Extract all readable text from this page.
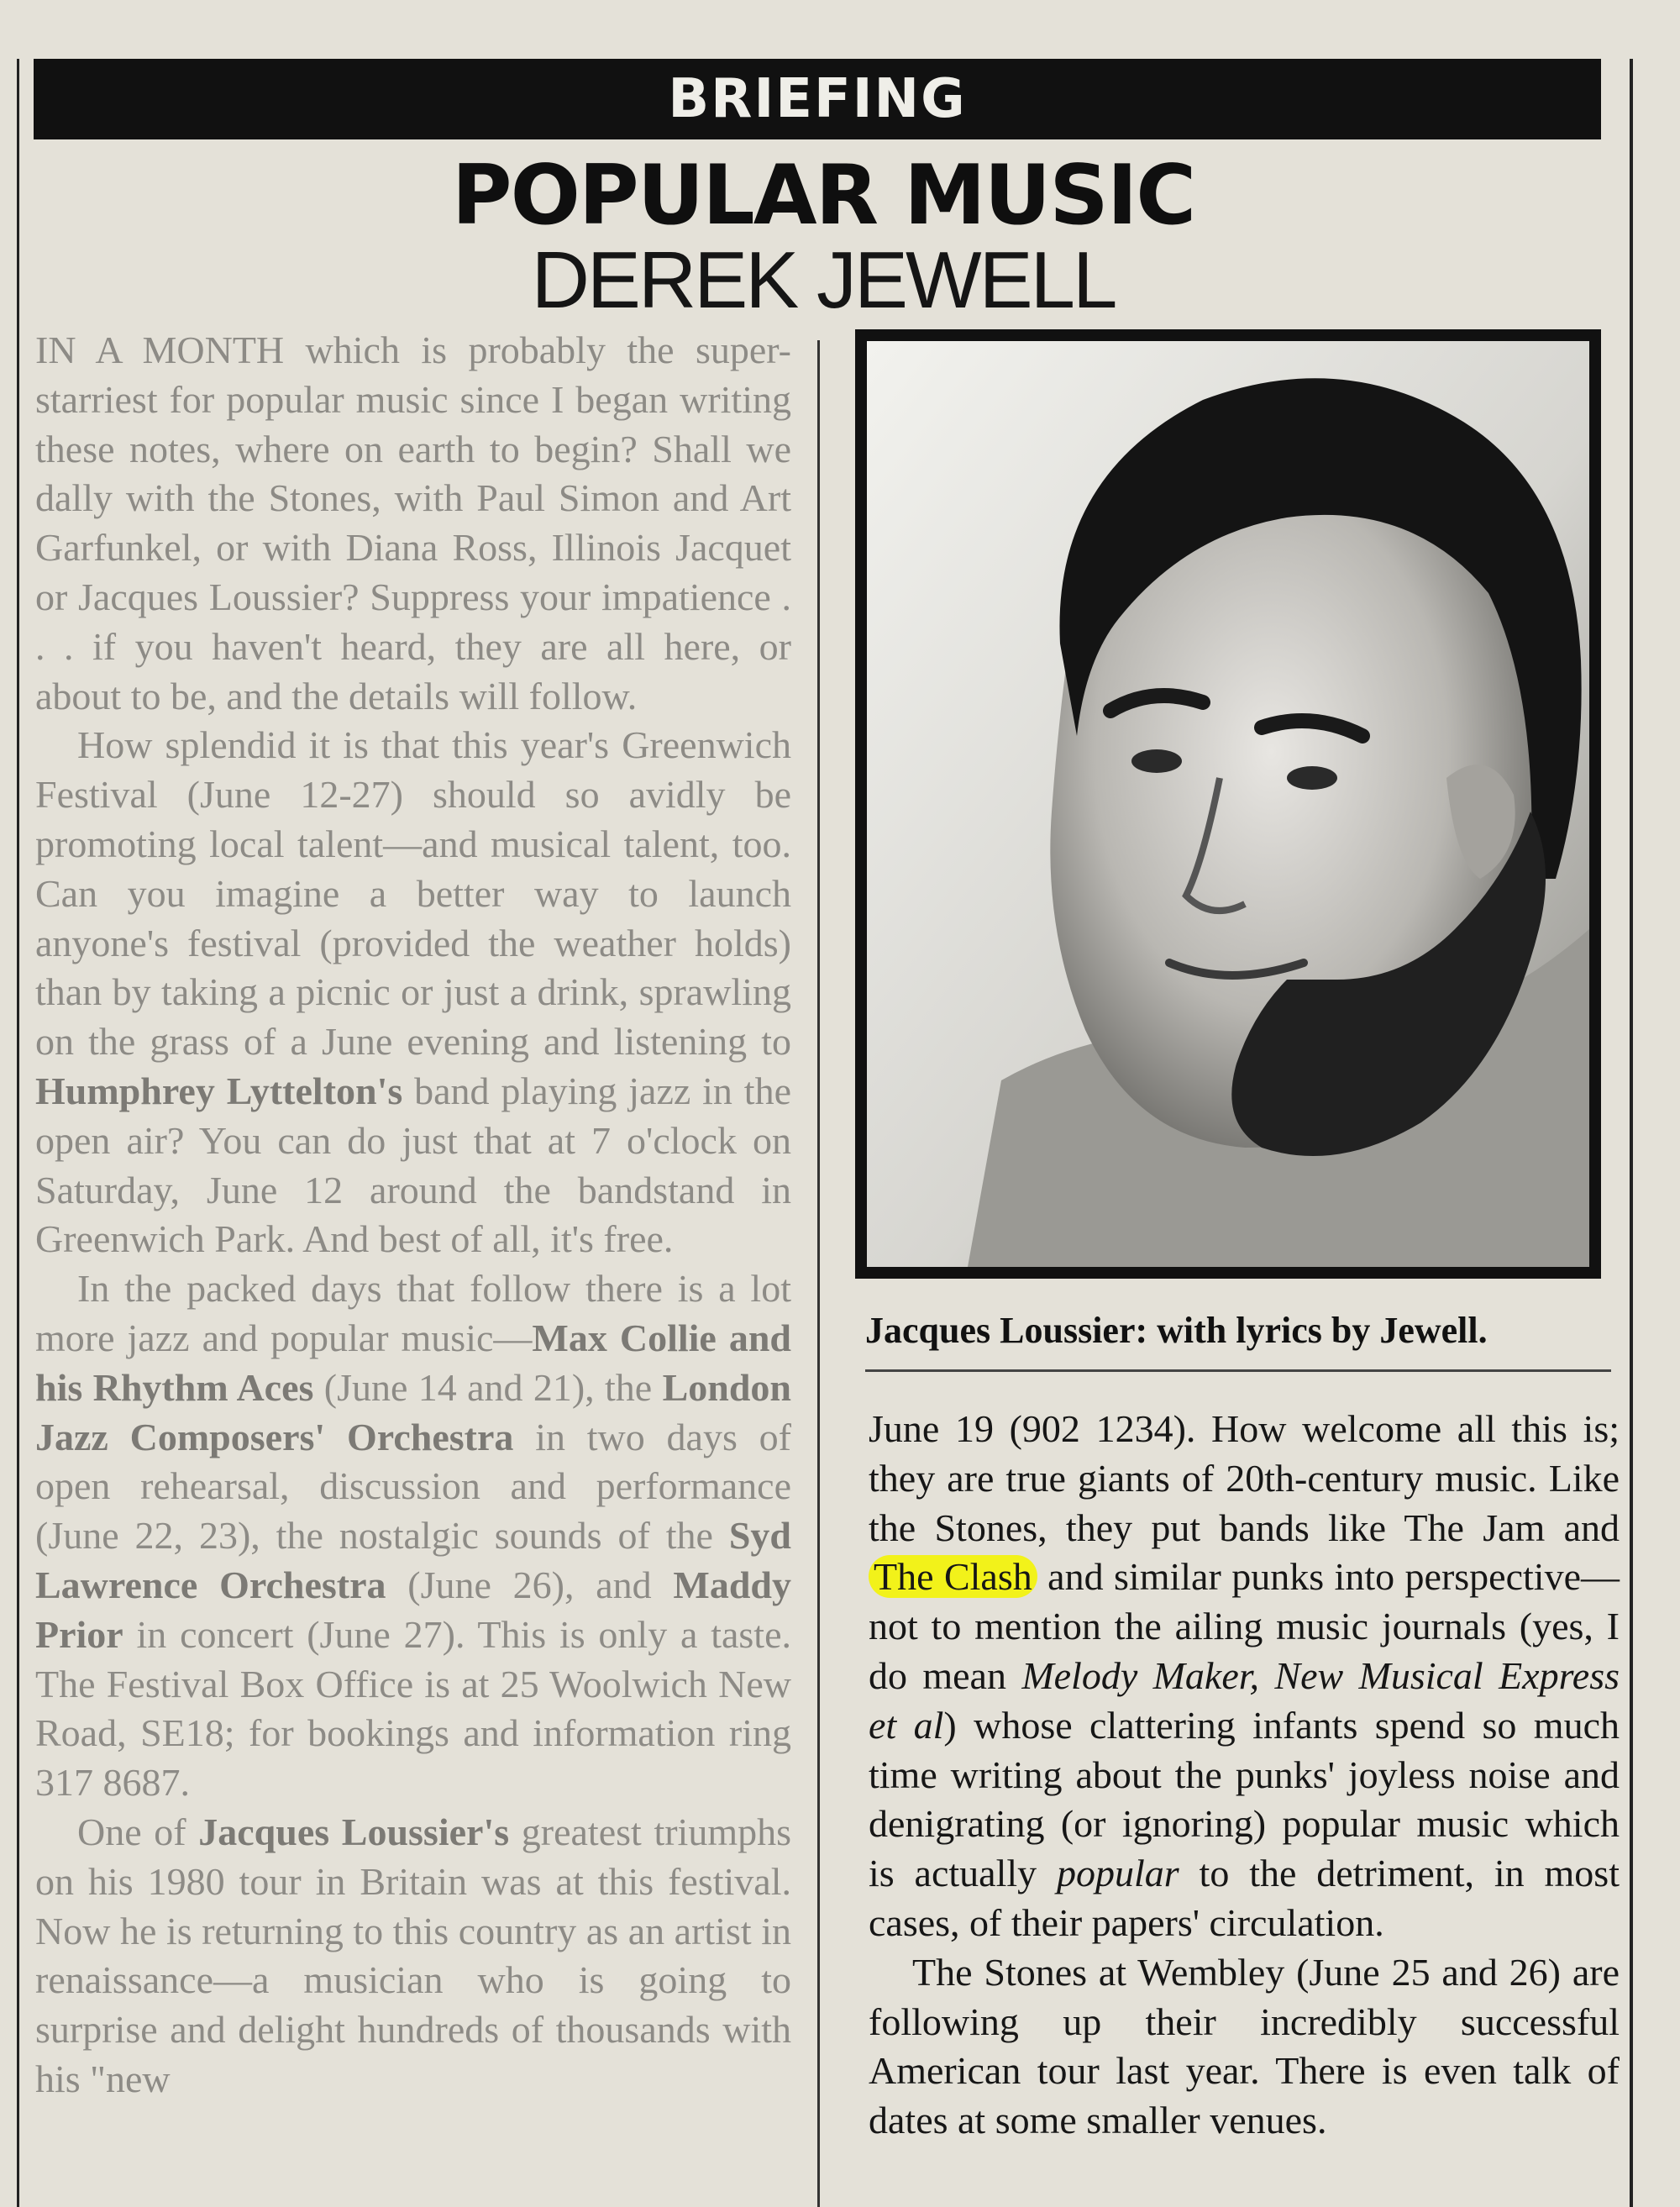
BRIEFING
POPULAR MUSIC
DEREK JEWELL

IN A MONTH which is probably the super-starriest for popular music since I began writing these notes, where on earth to begin? Shall we dally with the Stones, with Paul Simon and Art Garfunkel, or with Diana Ross, Illinois Jacquet or Jacques Loussier? Suppress your impatience . . . if you haven't heard, they are all here, or about to be, and the details will follow.

How splendid it is that this year's Greenwich Festival (June 12-27) should so avidly be promoting local talent—and musical talent, too. Can you imagine a better way to launch anyone's festival (provided the weather holds) than by taking a picnic or just a drink, sprawling on the grass of a June evening and listening to Humphrey Lyttelton's band playing jazz in the open air? You can do just that at 7 o'clock on Saturday, June 12 around the bandstand in Greenwich Park. And best of all, it's free.

In the packed days that follow there is a lot more jazz and popular music—Max Collie and his Rhythm Aces (June 14 and 21), the London Jazz Composers' Orchestra in two days of open rehearsal, discussion and performance (June 22, 23), the nostalgic sounds of the Syd Lawrence Orchestra (June 26), and Maddy Prior in concert (June 27). This is only a taste. The Festival Box Office is at 25 Woolwich New Road, SE18; for bookings and information ring 317 8687.

One of Jacques Loussier's greatest triumphs on his 1980 tour in Britain was at this festival. Now he is returning to this country as an artist in renaissance—a musician who is going to surprise and delight hundreds of thousands with his "new

Jacques Loussier: with lyrics by Jewell.

June 19 (902 1234). How welcome all this is; they are true giants of 20th-century music. Like the Stones, they put bands like The Jam and The Clash and similar punks into perspective—not to mention the ailing music journals (yes, I do mean Melody Maker, New Musical Express et al) whose clattering infants spend so much time writing about the punks' joyless noise and denigrating (or ignoring) popular music which is actually popular to the detriment, in most cases, of their papers' circulation.

The Stones at Wembley (June 25 and 26) are following up their incredibly successful American tour last year. There is even talk of dates at some smaller venues.
